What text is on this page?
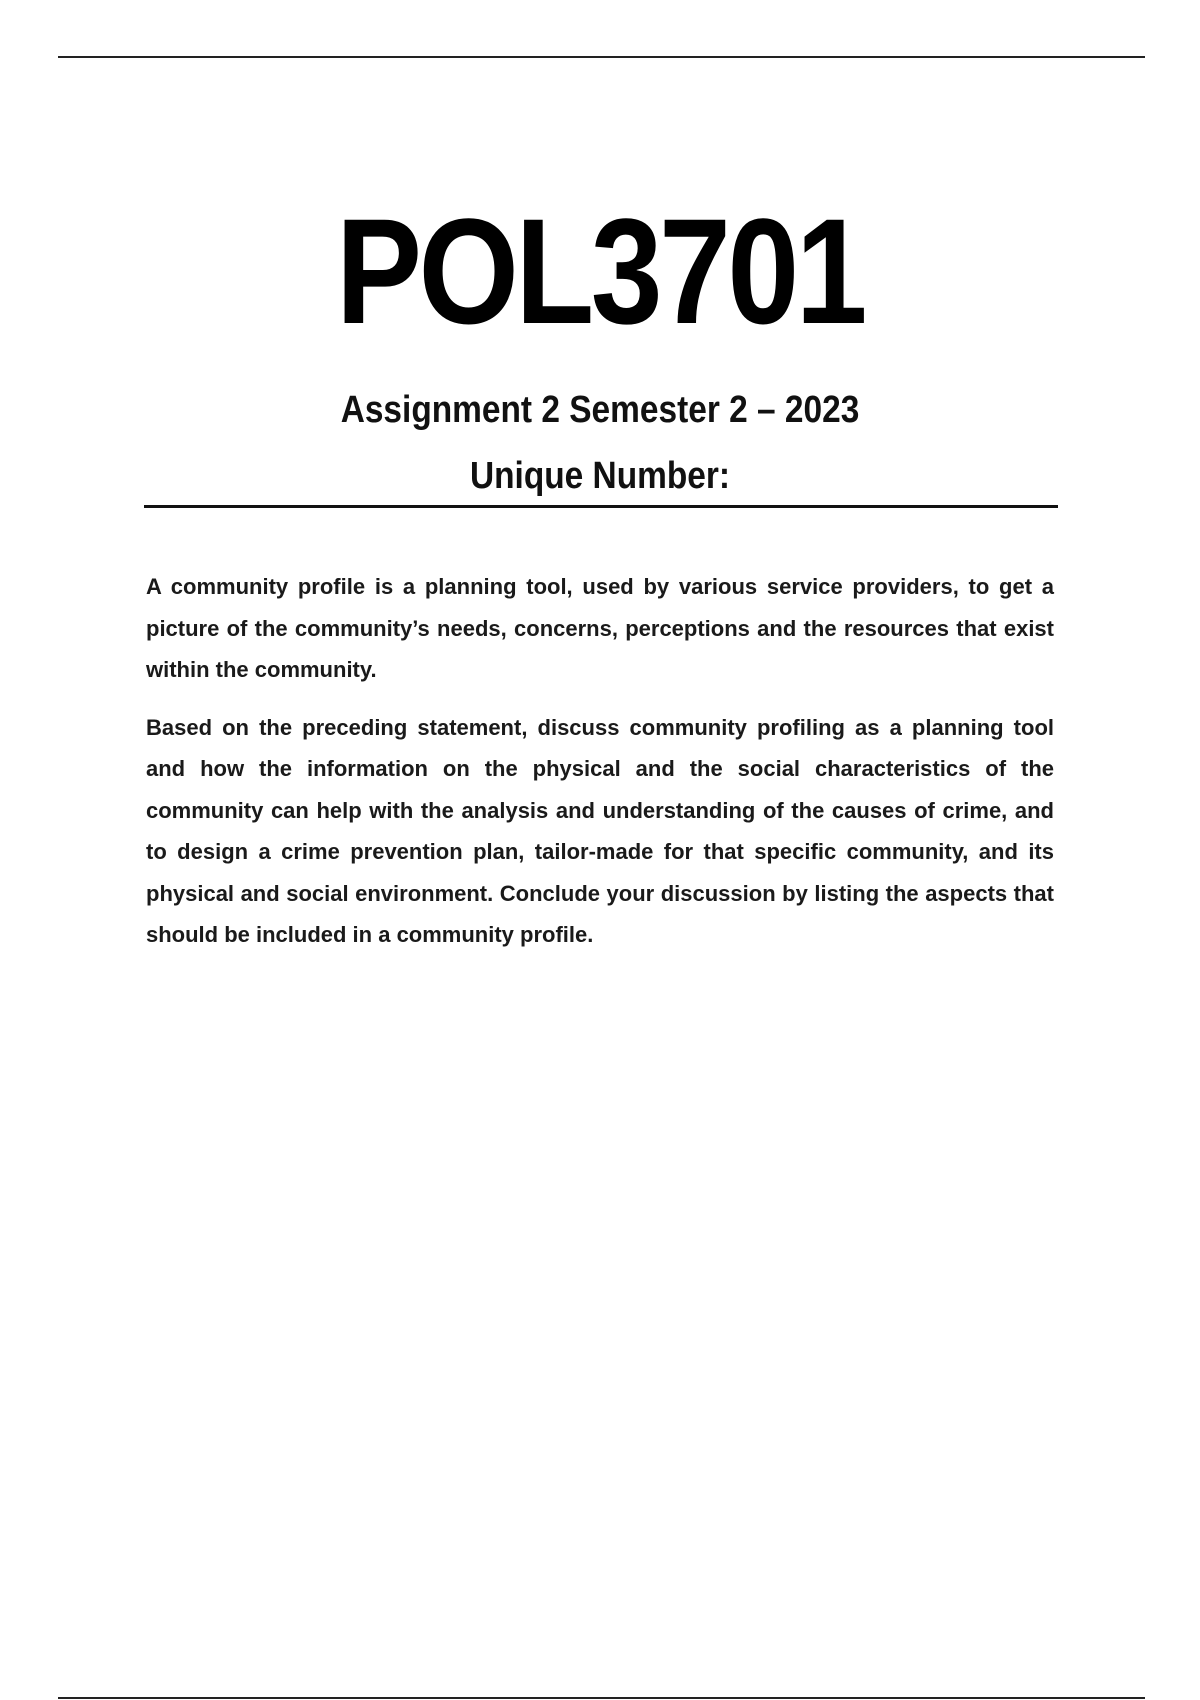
POL3701
Assignment 2 Semester 2 – 2023
Unique Number:

A community profile is a planning tool, used by various service providers, to get a picture of the community’s needs, concerns, perceptions and the resources that exist within the community.

Based on the preceding statement, discuss community profiling as a planning tool and how the information on the physical and the social characteristics of the community can help with the analysis and understanding of the causes of crime, and to design a crime prevention plan, tailor-made for that specific community, and its physical and social environment. Conclude your discussion by listing the aspects that should be included in a community profile.
